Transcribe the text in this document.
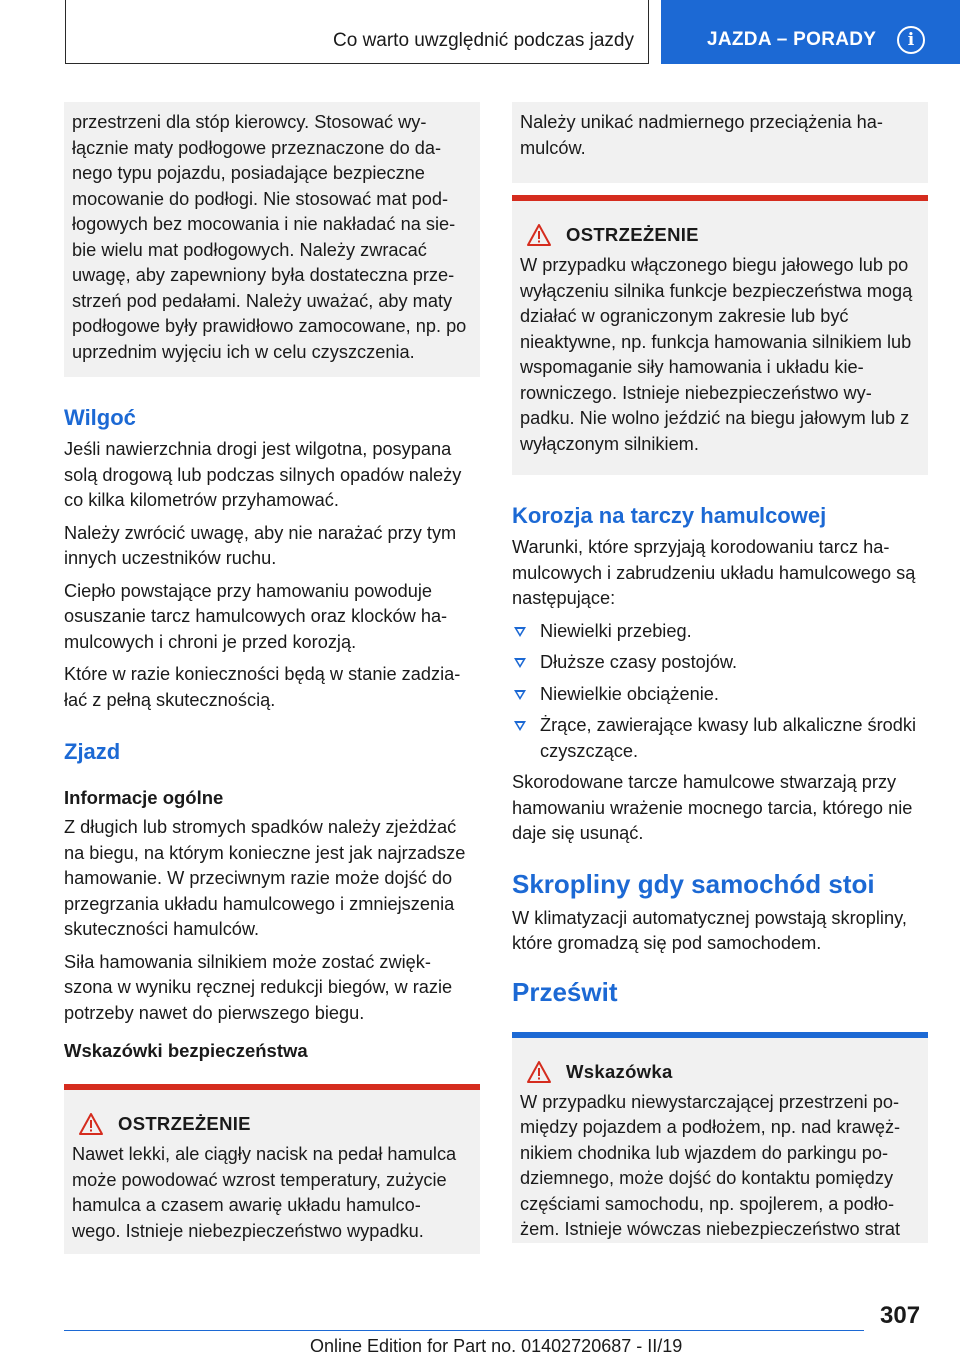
Co warto uwzględnić podczas jazdy	JAZDA – PORADY	i

przestrzeni dla stóp kierowcy. Stosować wy- łącznie maty podłogowe przeznaczone do da- nego typu pojazdu, posiadające bezpieczne mocowanie do podłogi. Nie stosować mat pod- łogowych bez mocowania i nie nakładać na sie- bie wielu mat podłogowych. Należy zwracać uwagę, aby zapewniony była dostateczna prze- strzeń pod pedałami. Należy uważać, aby maty podłogowe były prawidłowo zamocowane, np. po uprzednim wyjęciu ich w celu czyszczenia.

Wilgoć

Jeśli nawierzchnia drogi jest wilgotna, posypana solą drogową lub podczas silnych opadów należy co kilka kilometrów przyhamować.

Należy zwrócić uwagę, aby nie narażać przy tym innych uczestników ruchu.

Ciepło powstające przy hamowaniu powoduje osuszanie tarcz hamulcowych oraz klocków ha- mulcowych i chroni je przed korozją.

Które w razie konieczności będą w stanie zadzia- łać z pełną skutecznością.

Zjazd
Informacje ogólne

Z długich lub stromych spadków należy zjeżdżać na biegu, na którym konieczne jest jak najrzadsze hamowanie. W przeciwnym razie może dojść do przegrzania układu hamulcowego i zmniejszenia skuteczności hamulców.

Siła hamowania silnikiem może zostać zwięk- szona w wyniku ręcznej redukcji biegów, w razie potrzeby nawet do pierwszego biegu.

Wskazówki bezpieczeństwa
OSTRZEŻENIE

Nawet lekki, ale ciągły nacisk na pedał hamulca może powodować wzrost temperatury, zużycie hamulca a czasem awarię układu hamulco- wego. Istnieje niebezpieczeństwo wypadku.

Należy unikać nadmiernego przeciążenia ha- mulców.

OSTRZEŻENIE

W przypadku włączonego biegu jałowego lub po wyłączeniu silnika funkcje bezpieczeństwa mogą działać w ograniczonym zakresie lub być nieaktywne, np. funkcja hamowania silnikiem lub wspomaganie siły hamowania i układu kie- rowniczego. Istnieje niebezpieczeństwo wy- padku. Nie wolno jeździć na biegu jałowym lub z wyłączonym silnikiem.

Korozja na tarczy hamulcowej

Warunki, które sprzyjają korodowaniu tarcz ha- mulcowych i zabrudzeniu układu hamulcowego są następujące:

Niewielki przebieg.
Dłuższe czasy postojów.
Niewielkie obciążenie.
Żrące, zawierające kwasy lub alkaliczne środki czyszczące.

Skorodowane tarcze hamulcowe stwarzają przy hamowaniu wrażenie mocnego tarcia, którego nie daje się usunąć.

Skropliny gdy samochód stoi

W klimatyzacji automatycznej powstają skropliny, które gromadzą się pod samochodem.

Prześwit
Wskazówka

W przypadku niewystarczającej przestrzeni po- między pojazdem a podłożem, np. nad krawęż- nikiem chodnika lub wjazdem do parkingu po- dziemnego, może dojść do kontaktu pomiędzy częściami samochodu, np. spojlerem, a podło- żem. Istnieje wówczas niebezpieczeństwo strat

307
Online Edition for Part no. 01402720687 - II/19
